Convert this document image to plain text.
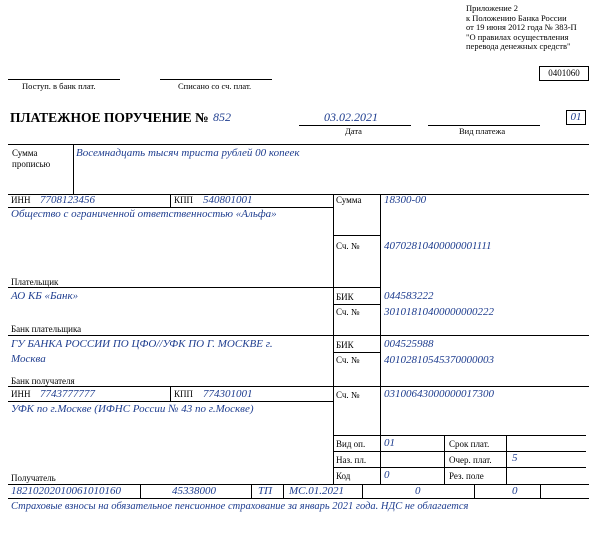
Приложение 2
к Положению Банка России
от 19 июня 2012 года № 383-П
"О правилах осуществления
перевода денежных средств"
0401060
Поступ. в банк плат.	Списано со сч. плат.
ПЛАТЕЖНОЕ ПОРУЧЕНИЕ № 852	03.02.2021
Дата	Вид платежа
01
Сумма прописью
Восемнадцать тысяч триста рублей 00 копеек
ИНН 7708123456	КПП 540801001
Общество с ограниченной ответственностью «Альфа»
Плательщик
Сумма 18300-00
Сч. № 40702810400000001111
АО КБ «Банк»
Банк плательщика
БИК	044583222
Сч. № 30101810400000000222
ГУ БАНКА РОССИИ ПО ЦФО//УФК ПО Г. МОСКВЕ г.
Москва
Банк получателя
БИК	004525988
Сч. № 40102810545370000003
ИНН 7743777777	КПП 774301001
УФК по г.Москве (ИФНС России № 43 по г.Москве)
Получатель
Сч. № 03100643000000017300
Вид оп. 01
Наз. пл.
Код	0
Срок плат.
Очер. плат. 5
Рез. поле
18210202010061010160	45338000	ТП МС.01.2021	0	0
Страховые взносы на обязательное пенсионное страхование за январь 2021 года. НДС не облагается
